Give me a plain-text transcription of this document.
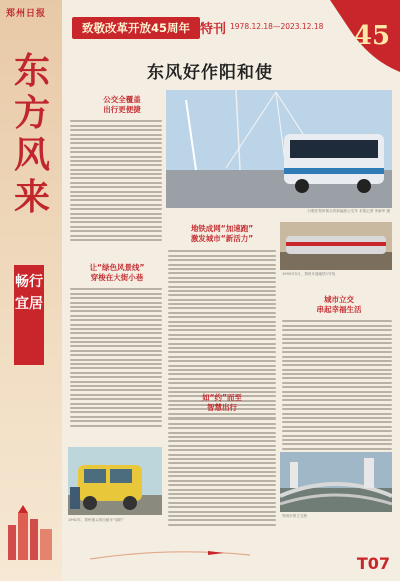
郑州日报
东方风来
畅行宜居
致敬改革开放45周年 特刊 1978.12.18—2023.12.18 45
东风好作阳和使
公交全覆盖
出行更便捷
让“绿色风景线”
穿梭在大街小巷
1992年，郑州街头的出租车“面的”
行驶在郑州街头的新能源公交车 本报记者 李新华 摄
地铁成网“加速跑”
激发城市“新活力”
如“约”而至
智慧出行
1995年5月，郑州开通地铁1号线
城市立交
串起幸福生活
郑州市的立交桥
T07
